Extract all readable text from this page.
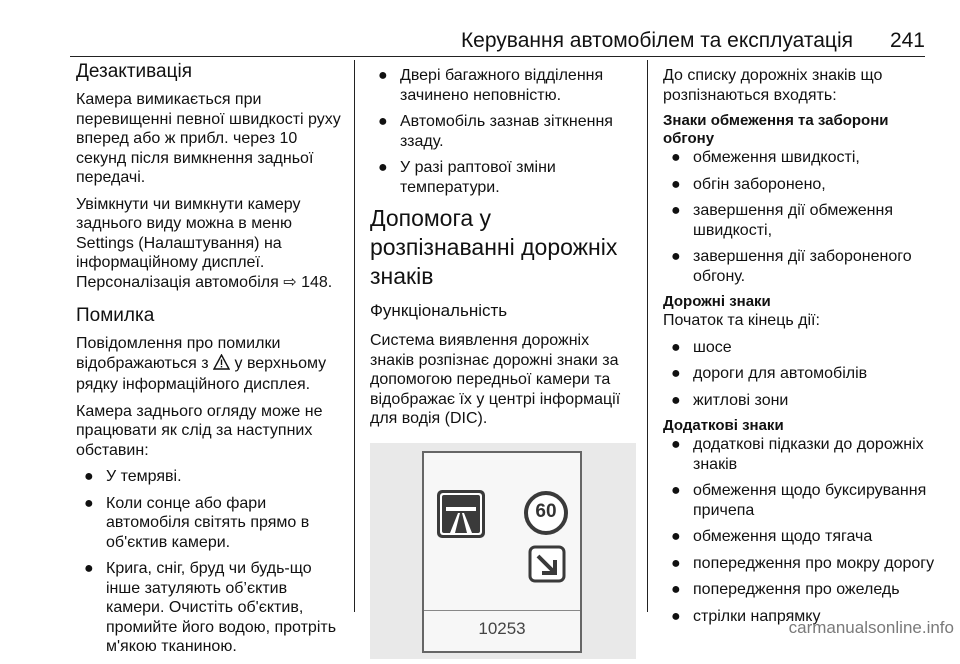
Керування автомобілем та експлуатація 241
Дезактивація

Камера вимикається при перевищенні певної швидкості руху вперед або ж прибл. через 10 секунд після вимкнення задньої передачі.

Увімкнути чи вимкнути камеру заднього виду можна в меню Settings (Налаштування) на інформаційному дисплеї. Персоналізація автомобіля ⇨ 148.

Помилка

Повідомлення про помилки відображаються з у верхньому рядку інформаційного дисплея.

Камера заднього огляду може не працювати як слід за наступних обставин:

● У темряві.
● Коли сонце або фари автомобіля світять прямо в об'єктив камери.
● Крига, сніг, бруд чи будь-що інше затуляють об’єктив камери. Очистіть об'єктив, промийте його водою, протріть м'якою тканиною.
● Двері багажного відділення зачинено неповністю.
● Автомобіль зазнав зіткнення ззаду.
● У разі раптової зміни температури.
Допомога у розпізнаванні дорожніх знаків
Функціональність

Система виявлення дорожніх знаків розпізнає дорожні знаки за допомогою передньої камери та відображає їх у центрі інформації для водія (DIC).

60
10253

До списку дорожніх знаків що розпізнаються входять:

Знаки обмеження та заборони обгону
● обмеження швидкості,
● обгін заборонено,
● завершення дії обмеження швидкості,
● завершення дії забороненого обгону.
Дорожні знаки

Початок та кінець дії:

● шосе
● дороги для автомобілів
● житлові зони
Додаткові знаки
● додаткові підказки до дорожніх знаків
● обмеження щодо буксирування причепа
● обмеження щодо тягача
● попередження про мокру дорогу
● попередження про ожеледь
● стрілки напрямку
carmanualsonline.info
